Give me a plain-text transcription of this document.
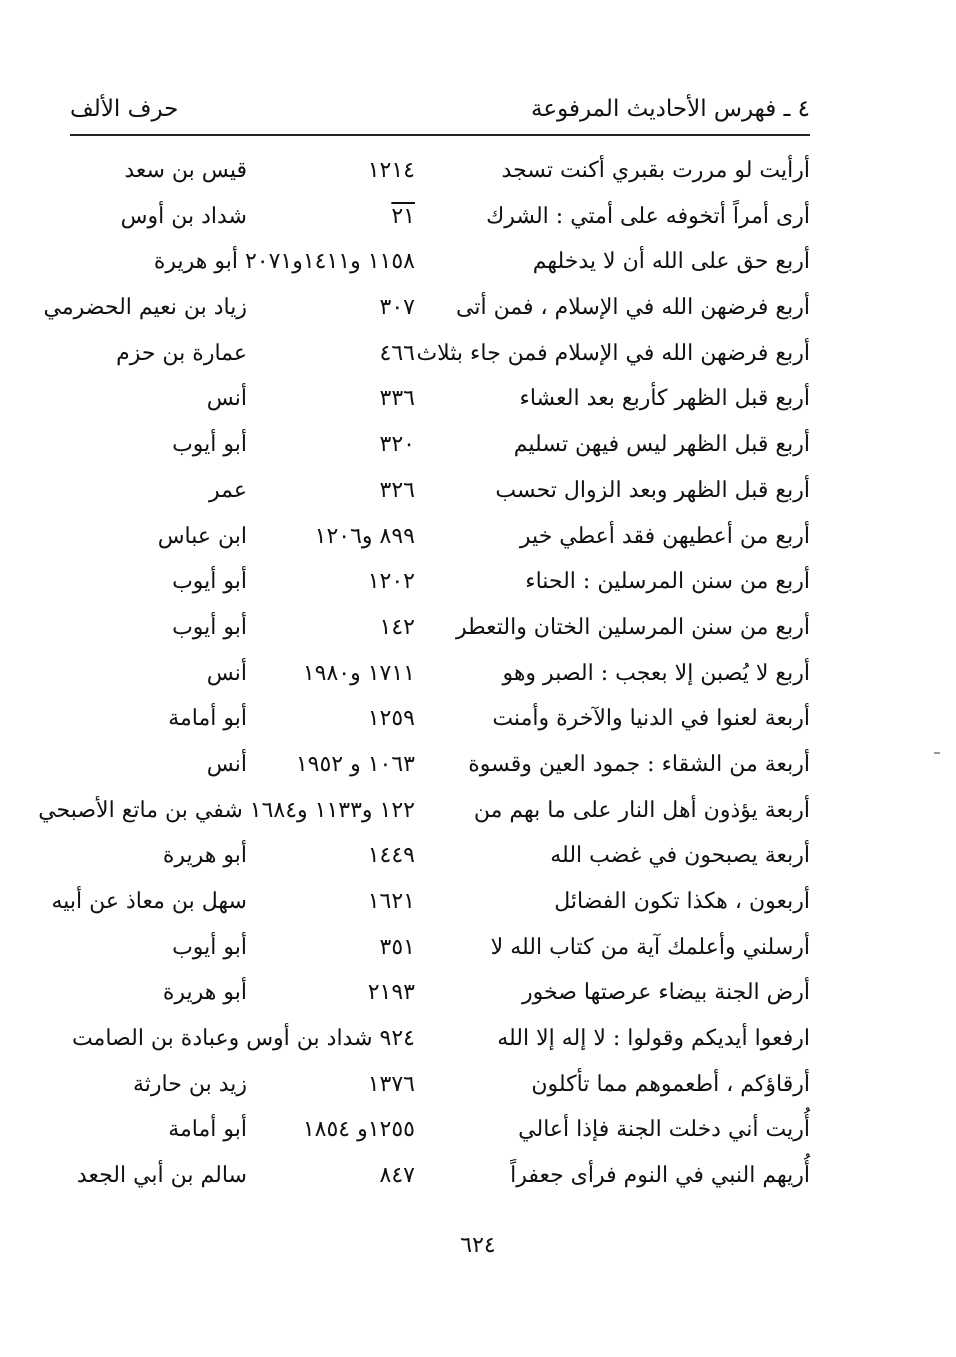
٤ ـ فهرس الأحاديث المرفوعة
حرف الألف
أرأيت لو مررت بقبري أكنت تسجد
١٢١٤
قيس بن سعد
أرى أمراً أتخوفه على أمتي : الشرك
٢١
شداد بن أوس
أربع حق على الله أن لا يدخلهم
١١٥٨ و١٤١١و٢٠٧١ أبو هريرة
أربع فرضهن الله في الإسلام ، فمن أتى
٣٠٧
زياد بن نعيم الحضرمي
أربع فرضهن الله في الإسلام فمن جاء بثلاث
٤٦٦
عمارة بن حزم
أربع قبل الظهر كأربع بعد العشاء
٣٣٦
أنس
أربع قبل الظهر ليس فيهن تسليم
٣٢٠
أبو أيوب
أربع قبل الظهر وبعد الزوال تحسب
٣٢٦
عمر
أربع من أعطيهن فقد أعطي خير
٨٩٩ و١٢٠٦
ابن عباس
أربع من سنن المرسلين : الحناء
١٢٠٢
أبو أيوب
أربع من سنن المرسلين الختان والتعطر
١٤٢
أبو أيوب
أربع لا يُصبن إلا بعجب : الصبر وهو
١٧١١ و١٩٨٠
أنس
أربعة لعنوا في الدنيا والآخرة وأمنت
١٢٥٩
أبو أمامة
أربعة من الشقاء : جمود العين وقسوة
١٠٦٣ و ١٩٥٢
أنس
أربعة يؤذون أهل النار على ما بهم من
١٢٢ و١١٣٣ و١٦٨٤ شفي بن ماتع الأصبحي
أربعة يصبحون في غضب الله
١٤٤٩
أبو هريرة
أربعون ، هكذا تكون الفضائل
١٦٢١
سهل بن معاذ عن أبيه
أرسلني وأعلمك آية من كتاب الله لا
٣٥١
أبو أيوب
أرض الجنة بيضاء عرصتها صخور
٢١٩٣
أبو هريرة
ارفعوا أيديكم وقولوا : لا إله إلا الله
٩٢٤ شداد بن أوس وعبادة بن الصامت
أرقاؤكم ، أطعموهم مما تأكلون
١٣٧٦
زيد بن حارثة
أُريت أني دخلت الجنة فإذا أعالي
١٢٥٥و ١٨٥٤
أبو أمامة
أُريهم النبي في النوم فرأى جعفراً
٨٤٧
سالم بن أبي الجعد
٦٢٤
